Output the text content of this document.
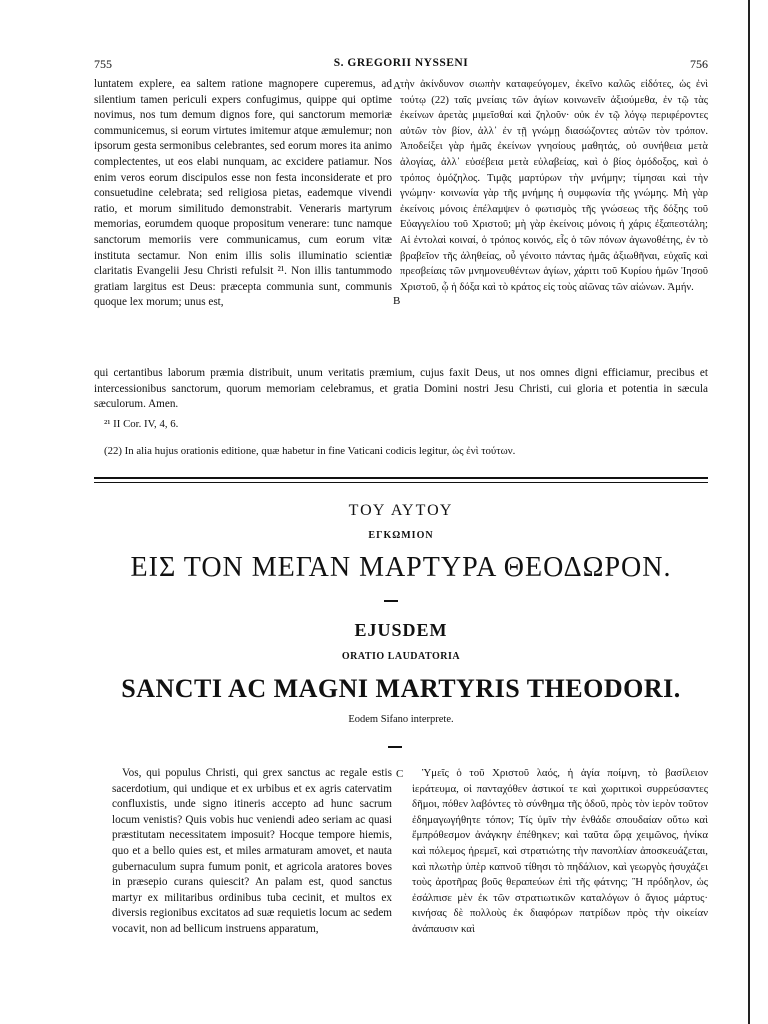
755	S. GREGORII NYSSENI	756

luntatem explere, ea saltem ratione magnopere cuperemus, ad silentium tamen periculi expers confugimus, quippe qui optime novimus, nos tum demum dignos fore, qui sanctorum memoriæ communicemus, si eorum virtutes imitemur atque æmulemur; non ipsorum gesta sermonibus celebrantes, sed eorum mores ita animo complectentes, ut eos elabi nunquam, ac excidere patiamur. Nos enim veros eorum discipulos esse non festa inconsiderate et pro consuetudine celebrata; sed religiosa pietas, eademque vivendi ratio, et morum similitudo demonstrabit. Veneraris martyrum memorias, eorumdem quoque propositum venerare: tunc namque sanctorum memoriis vere communicamus, cum eorum vitæ instituta sectamur. Non enim illis solis illuminatio scientiæ claritatis Evangelii Jesu Christi refulsit ²¹. Non illis tantummodo gratiam largitus est Deus: præcepta communia sunt, communis quoque lex morum; unus est,

A
B

τὴν ἀκίνδυνον σιωπὴν καταφεύγομεν, ἐκεῖνο καλῶς εἰδότες, ὡς ἐνὶ τούτῳ (22) ταῖς μνείαις τῶν ἁγίων κοινωνεῖν ἀξιούμεθα, ἐν τῷ τὰς ἐκείνων ἀρετὰς μιμεῖσθαί καὶ ζηλοῦν· οὐκ ἐν τῷ λόγῳ περιφέροντες αὐτῶν τὸν βίον, ἀλλ᾽ ἐν τῇ γνώμῃ διασώζοντες αὐτῶν τὸν τρόπον. Ἀποδείξει γὰρ ἡμᾶς ἐκείνων γνησίους μαθητάς, οὐ συνήθεια μετὰ ἀλογίας, ἀλλ᾽ εὐσέβεια μετὰ εὐλαβείας, καὶ ὁ βίος ὁμόδοξος, καὶ ὁ τρόπος ὁμόζηλος. Τιμᾷς μαρτύρων τὴν μνήμην; τίμησαι καὶ τὴν γνώμην· κοινωνία γὰρ τῆς μνήμης ἡ συμφωνία τῆς γνώμης. Μὴ γὰρ ἐκείνοις μόνοις ἐπέλαμψεν ὁ φωτισμὸς τῆς γνώσεως τῆς δόξης τοῦ Εὐαγγελίου τοῦ Χριστοῦ; μὴ γὰρ ἐκείνοις μόνοις ἡ χάρις ἐξαπεστάλη; Αἱ ἐντολαὶ κοιναί, ὁ τρόπος κοινός, εἷς ὁ τῶν πόνων ἀγωνοθέτης, ἐν τὸ βραβεῖον τῆς ἀληθείας, οὗ γένοιτο πάντας ἡμᾶς ἀξιωθῆναι, εὐχαῖς καὶ πρεσβείαις τῶν μνημονευθέντων ἁγίων, χάριτι τοῦ Κυρίου ἡμῶν Ἰησοῦ Χριστοῦ, ᾧ ἡ δόξα καὶ τὸ κράτος εἰς τοὺς αἰῶνας τῶν αἰώνων. Ἀμήν.

qui certantibus laborum præmia distribuit, unum veritatis præmium, cujus faxit Deus, ut nos omnes digni efficiamur, precibus et intercessionibus sanctorum, quorum memoriam celebramus, et gratia Domini nostri Jesu Christi, cui gloria et potentia in sæcula sæculorum. Amen.

²¹ II Cor. IV, 4, 6.
(22) In alia hujus orationis editione, quæ habetur in fine Vaticani codicis legitur, ὡς ἐνὶ τούτων.
ΤΟΥ ΑΥΤΟΥ
ΕΓΚΩΜΙΟΝ
ΕΙΣ ΤΟΝ ΜΕΓΑΝ ΜΑΡΤΥΡΑ ΘΕΟΔΩΡΟΝ.
EJUSDEM
ORATIO LAUDATORIA
SANCTI AC MAGNI MARTYRIS THEODORI.
Eodem Sifano interprete.

Vos, qui populus Christi, qui grex sanctus ac regale estis sacerdotium, qui undique et ex urbibus et ex agris catervatim confluxistis, unde signo itineris accepto ad hunc sacrum locum venistis? Quis vobis huc veniendi adeo seriam ac quasi præstitutam necessitatem imposuit? Hocque tempore hiemis, quo et a bello quies est, et miles armaturam amovet, et nauta gubernaculum supra fumum ponit, et agricola aratores boves in præsepio curans quiescit? An palam est, quod sanctus martyr ex militaribus ordinibus tuba cecinit, et multos ex diversis regionibus excitatos ad suæ requietis locum ac sedem vocavit, non ad bellicum instruens apparatum,

C	Ὑμεῖς ὁ τοῦ Χριστοῦ λαός, ἡ ἁγία ποίμνη, τὸ βασίλειον ἱεράτευμα, οἱ πανταχόθεν ἀστικοί τε καὶ χωριτικοὶ συρρεύσαντες δῆμοι, πόθεν λαβόντες τὸ σύνθημα τῆς ὁδοῦ, πρὸς τὸν ἱερὸν τοῦτον ἐδημαγωγήθητε τόπον; Τίς ὑμῖν τὴν ἐνθάδε σπουδαίαν οὕτω καὶ ἔμπρόθεσμον ἀνάγκην ἐπέθηκεν; καὶ ταῦτα ὥρᾳ χειμῶνος, ἡνίκα καὶ πόλεμος ἠρεμεῖ, καὶ στρατιώτης τὴν πανοπλίαν ἀποσκευάζεται, καὶ πλωτὴρ ὑπὲρ καπνοῦ τίθησι τὸ πηδάλιον, καὶ γεωργὸς ἡσυχάζει τοὺς ἀροτῆρας βοῦς θεραπεύων ἐπὶ τῆς φάτνης; Ἢ πρόδηλον, ὡς ἐσάλπισε μὲν ἐκ τῶν στρατιωτικῶν καταλόγων ὁ ἅγιος μάρτυς· κινήσας δὲ πολλοὺς ἐκ διαφόρων πατρίδων πρὸς τὴν οἰκείαν ἀνάπαυσιν καὶ
